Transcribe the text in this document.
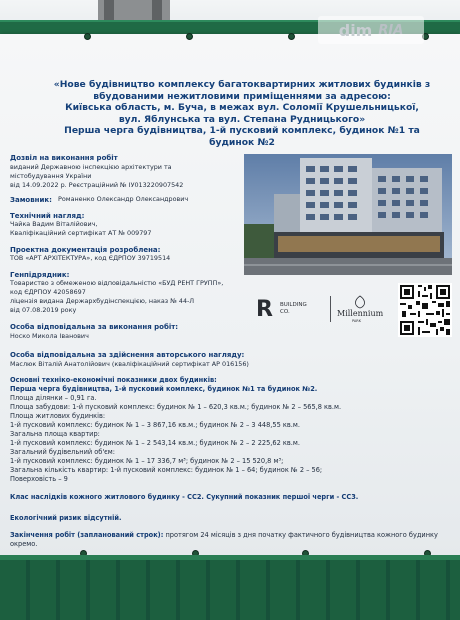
dim RIA
«Нове будівництво комплексу багатоквартирних житлових будинків з
вбудованими нежитловими приміщеннями за адресою:
Київська область, м. Буча, в межах вул. Соломії Крушельницької,
вул. Яблунська та вул. Степана Рудницького»
Перша черга будівництва, 1-й пусковий комплекс, будинок №1 та будинок №2
Дозвіл на виконання робіт
виданий Державною інспекцією архітектури та
містобудування України
від 14.09.2022 р. Реєстраційний № IУ013220907542
Замовник: Романенко Олександр Олександрович
Технічний нагляд:
Чайка Вадим Віталійович,
Кваліфікаційний сертифікат АТ № 009797
Проектна документація розроблена:
ТОВ «АРТ АРХІТЕКТУРА», код ЄДРПОУ 39719514
Генпідрядник:
Товариство з обмеженою відповідальністю «БУД РЕНТ ГРУПП»,
код ЄДРПОУ 42058697
ліцензія видана Держархбудінспекцією, наказ № 44-Л
від 07.08.2019 року
Особа відповідальна за виконання робіт:
Носко Микола Іванович
Особа відповідальна за здійснення авторського нагляду:
Маслюк Віталій Анатолійович (кваліфікаційний сертифікат АР 016156)
R BUILDING
CO.	Millennium
PARK
Основні техніко-економічні показники двох будинків:
Перша черга будівництва, 1-й пусковий комплекс, будинок №1 та будинок №2.
Площа ділянки – 0,91 га.
Площа забудови: 1-й пусковий комплекс: будинок № 1 – 620,3 кв.м.; будинок № 2 – 565,8 кв.м.
Площа житлових будинків:
1-й пусковий комплекс: будинок № 1 – 3 867,16 кв.м.; будинок № 2 – 3 448,55 кв.м.
Загальна площа квартир:
1-й пусковий комплекс: будинок № 1 – 2 543,14 кв.м.; будинок № 2 – 2 225,62 кв.м.
Загальний будівельний об'єм:
1-й пусковий комплекс: будинок № 1 – 17 336,7 м³; будинок № 2 – 15 520,8 м³;
Загальна кількість квартир: 1-й пусковий комплекс: будинок № 1 – 64; будинок № 2 – 56;
Поверховість – 9
Клас наслідків кожного житлового будинку - СС2. Сукупний показник першої черги - СС3.
Екологічний ризик відсутній.
Закінчення робіт (запланований строк): протягом 24 місяців з дня початку фактичного будівництва кожного будинку окремо.
